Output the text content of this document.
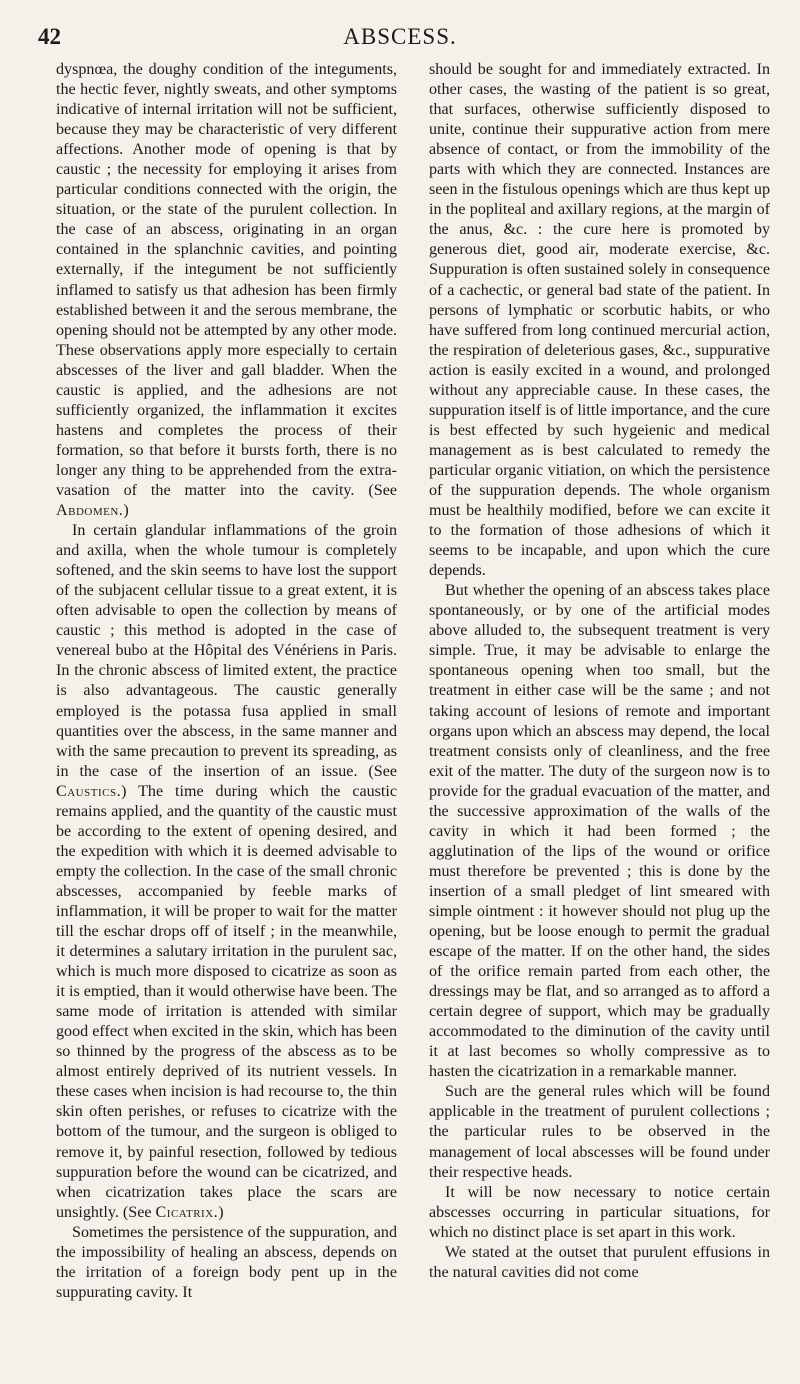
42	ABSCESS.

dyspnœa, the doughy condition of the integuments, the hectic fever, nightly sweats, and other symptoms indicative of internal irritation will not be sufficient, because they may be characteristic of very different affections. Another mode of opening is that by caustic ; the necessity for employing it arises from particular conditions connected with the origin, the situation, or the state of the purulent collection. In the case of an abscess, originating in an organ contained in the splanchnic cavities, and pointing externally, if the integument be not sufficiently inflamed to satisfy us that adhesion has been firmly established between it and the serous membrane, the opening should not be attempted by any other mode. These observations apply more especially to certain abscesses of the liver and gall bladder. When the caustic is applied, and the adhesions are not sufficiently organized, the inflammation it excites hastens and completes the process of their formation, so that before it bursts forth, there is no longer any thing to be apprehended from the extravasation of the matter into the cavity. (See Abdomen.)

In certain glandular inflammations of the groin and axilla, when the whole tumour is completely softened, and the skin seems to have lost the support of the subjacent cellular tissue to a great extent, it is often advisable to open the collection by means of caustic ; this method is adopted in the case of venereal bubo at the Hôpital des Vénériens in Paris. In the chronic abscess of limited extent, the practice is also advantageous. The caustic generally employed is the potassa fusa applied in small quantities over the abscess, in the same manner and with the same precaution to prevent its spreading, as in the case of the insertion of an issue. (See Caustics.) The time during which the caustic remains applied, and the quantity of the caustic must be according to the extent of opening desired, and the expedition with which it is deemed advisable to empty the collection. In the case of the small chronic abscesses, accompanied by feeble marks of inflammation, it will be proper to wait for the matter till the eschar drops off of itself ; in the meanwhile, it determines a salutary irritation in the purulent sac, which is much more disposed to cicatrize as soon as it is emptied, than it would otherwise have been. The same mode of irritation is attended with similar good effect when excited in the skin, which has been so thinned by the progress of the abscess as to be almost entirely deprived of its nutrient vessels. In these cases when incision is had recourse to, the thin skin often perishes, or refuses to cicatrize with the bottom of the tumour, and the surgeon is obliged to remove it, by painful resection, followed by tedious suppuration before the wound can be cicatrized, and when cicatrization takes place the scars are unsightly. (See Cicatrix.)

Sometimes the persistence of the suppuration, and the impossibility of healing an abscess, depends on the irritation of a foreign body pent up in the suppurating cavity. It

should be sought for and immediately extracted. In other cases, the wasting of the patient is so great, that surfaces, otherwise sufficiently disposed to unite, continue their suppurative action from mere absence of contact, or from the immobility of the parts with which they are connected. Instances are seen in the fistulous openings which are thus kept up in the popliteal and axillary regions, at the margin of the anus, &c. : the cure here is promoted by generous diet, good air, moderate exercise, &c. Suppuration is often sustained solely in consequence of a cachectic, or general bad state of the patient. In persons of lymphatic or scorbutic habits, or who have suffered from long continued mercurial action, the respiration of deleterious gases, &c., suppurative action is easily excited in a wound, and prolonged without any appreciable cause. In these cases, the suppuration itself is of little importance, and the cure is best effected by such hygeienic and medical management as is best calculated to remedy the particular organic vitiation, on which the persistence of the suppuration depends. The whole organism must be healthily modified, before we can excite it to the formation of those adhesions of which it seems to be incapable, and upon which the cure depends.

But whether the opening of an abscess takes place spontaneously, or by one of the artificial modes above alluded to, the subsequent treatment is very simple. True, it may be advisable to enlarge the spontaneous opening when too small, but the treatment in either case will be the same ; and not taking account of lesions of remote and important organs upon which an abscess may depend, the local treatment consists only of cleanliness, and the free exit of the matter. The duty of the surgeon now is to provide for the gradual evacuation of the matter, and the successive approximation of the walls of the cavity in which it had been formed ; the agglutination of the lips of the wound or orifice must therefore be prevented ; this is done by the insertion of a small pledget of lint smeared with simple ointment : it however should not plug up the opening, but be loose enough to permit the gradual escape of the matter. If on the other hand, the sides of the orifice remain parted from each other, the dressings may be flat, and so arranged as to afford a certain degree of support, which may be gradually accommodated to the diminution of the cavity until it at last becomes so wholly compressive as to hasten the cicatrization in a remarkable manner.

Such are the general rules which will be found applicable in the treatment of purulent collections ; the particular rules to be observed in the management of local abscesses will be found under their respective heads.

It will be now necessary to notice certain abscesses occurring in particular situations, for which no distinct place is set apart in this work.

We stated at the outset that purulent effusions in the natural cavities did not come
